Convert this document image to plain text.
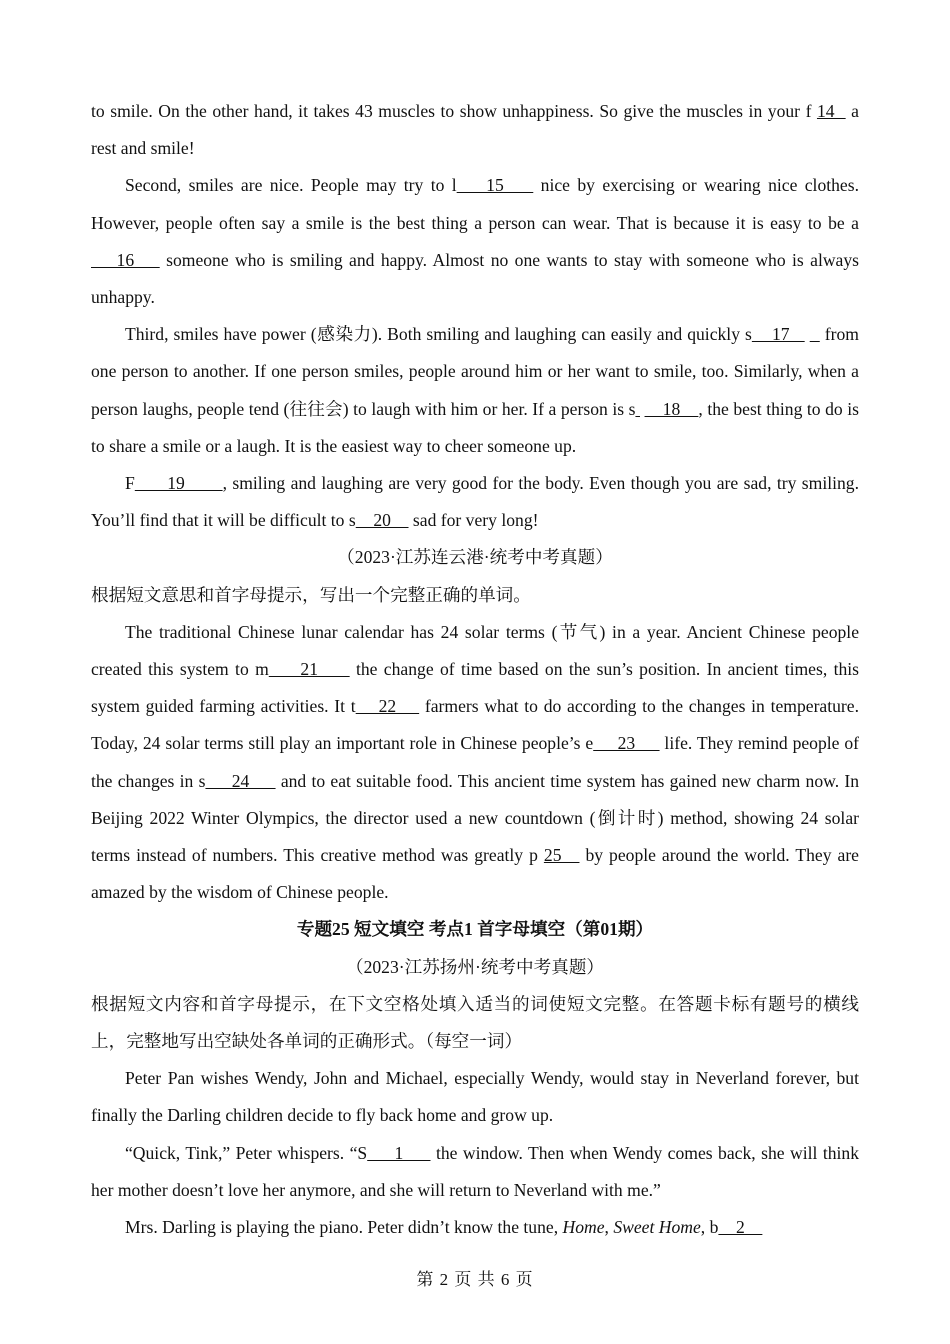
to smile. On the other hand, it takes 43 muscles to show unhappiness. So give the muscles in your f 14   a rest and smile!

Second, smiles are nice. People may try to l    15     nice by exercising or wearing nice clothes. However, people often say a smile is the best thing a person can wear. That is because it is easy to be a    16     someone who is smiling and happy. Almost no one wants to stay with someone who is always unhappy.

Third, smiles have power (感染力). Both smiling and laughing can easily and quickly s    17       from one person to another. If one person smiles, people around him or her want to smile, too. Similarly, when a person laughs, people tend (往往会) to laugh with him or her. If a person is s      18    , the best thing to do is to share a smile or a laugh. It is the easiest way to cheer someone up.

F      19       , smiling and laughing are very good for the body. Even though you are sad, try smiling. You’ll find that it will be difficult to s    20     sad for very long!

（2023·江苏连云港·统考中考真题）

根据短文意思和首字母提示，写出一个完整正确的单词。

The traditional Chinese lunar calendar has 24 solar terms (节气) in a year. Ancient Chinese people created this system to m     21      the change of time based on the sun’s position. In ancient times, this system guided farming activities. It t    22     farmers what to do according to the changes in temperature. Today, 24 solar terms still play an important role in Chinese people’s e     23      life. They remind people of the changes in s     24      and to eat suitable food. This ancient time system has gained new charm now. In Beijing 2022 Winter Olympics, the director used a new countdown (倒计时) method, showing 24 solar terms instead of numbers. This creative method was greatly p 25    by people around the world. They are amazed by the wisdom of Chinese people.

专题25 短文填空 考点1 首字母填空（第01期）

（2023·江苏扬州·统考中考真题）

根据短文内容和首字母提示，在下文空格处填入适当的词使短文完整。在答题卡标有题号的横线上，完整地写出空缺处各单词的正确形式。（每空一词）

Peter Pan wishes Wendy, John and Michael, especially Wendy, would stay in Neverland forever, but finally the Darling children decide to fly back home and grow up.

“Quick, Tink,” Peter whispers. “S     1      the window. Then when Wendy comes back, she will think her mother doesn’t love her anymore, and she will return to Neverland with me.”

Mrs. Darling is playing the piano. Peter didn’t know the tune, Home, Sweet Home, b    2

第 2 页 共 6 页
